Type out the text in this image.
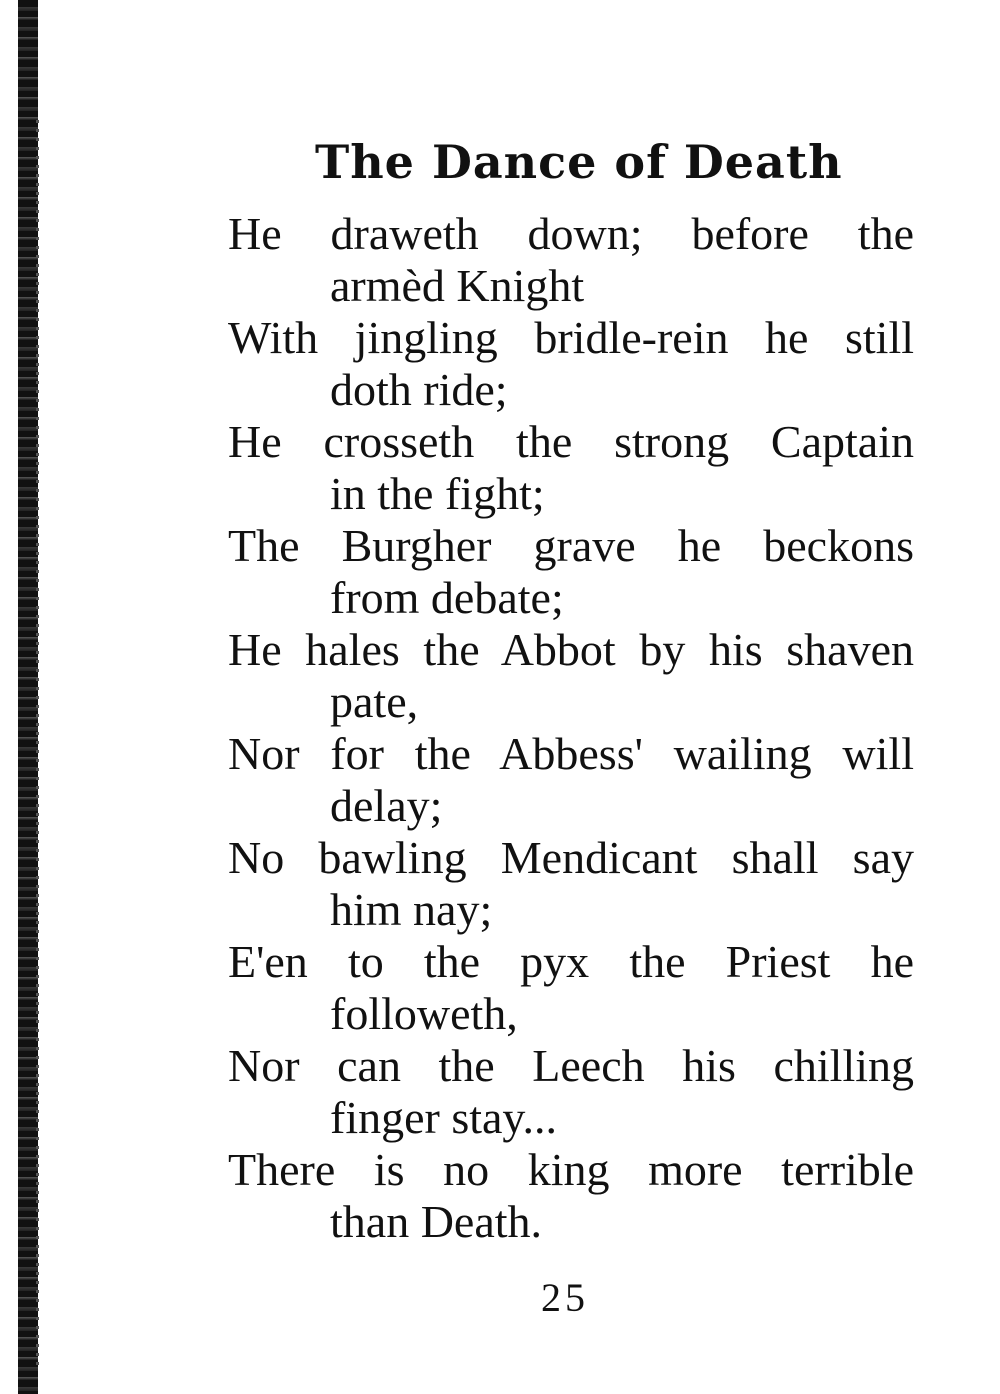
The Dance of Death
He draweth down; before the
armèd Knight
With jingling bridle-rein he still
doth ride;
He crosseth the strong Captain
in the fight;
The Burgher grave he beckons
from debate;
He hales the Abbot by his shaven
pate,
Nor for the Abbess' wailing will
delay;
No bawling Mendicant shall say
him nay;
E'en to the pyx the Priest he
followeth,
Nor can the Leech his chilling
finger stay...
There is no king more terrible
than Death.
25
